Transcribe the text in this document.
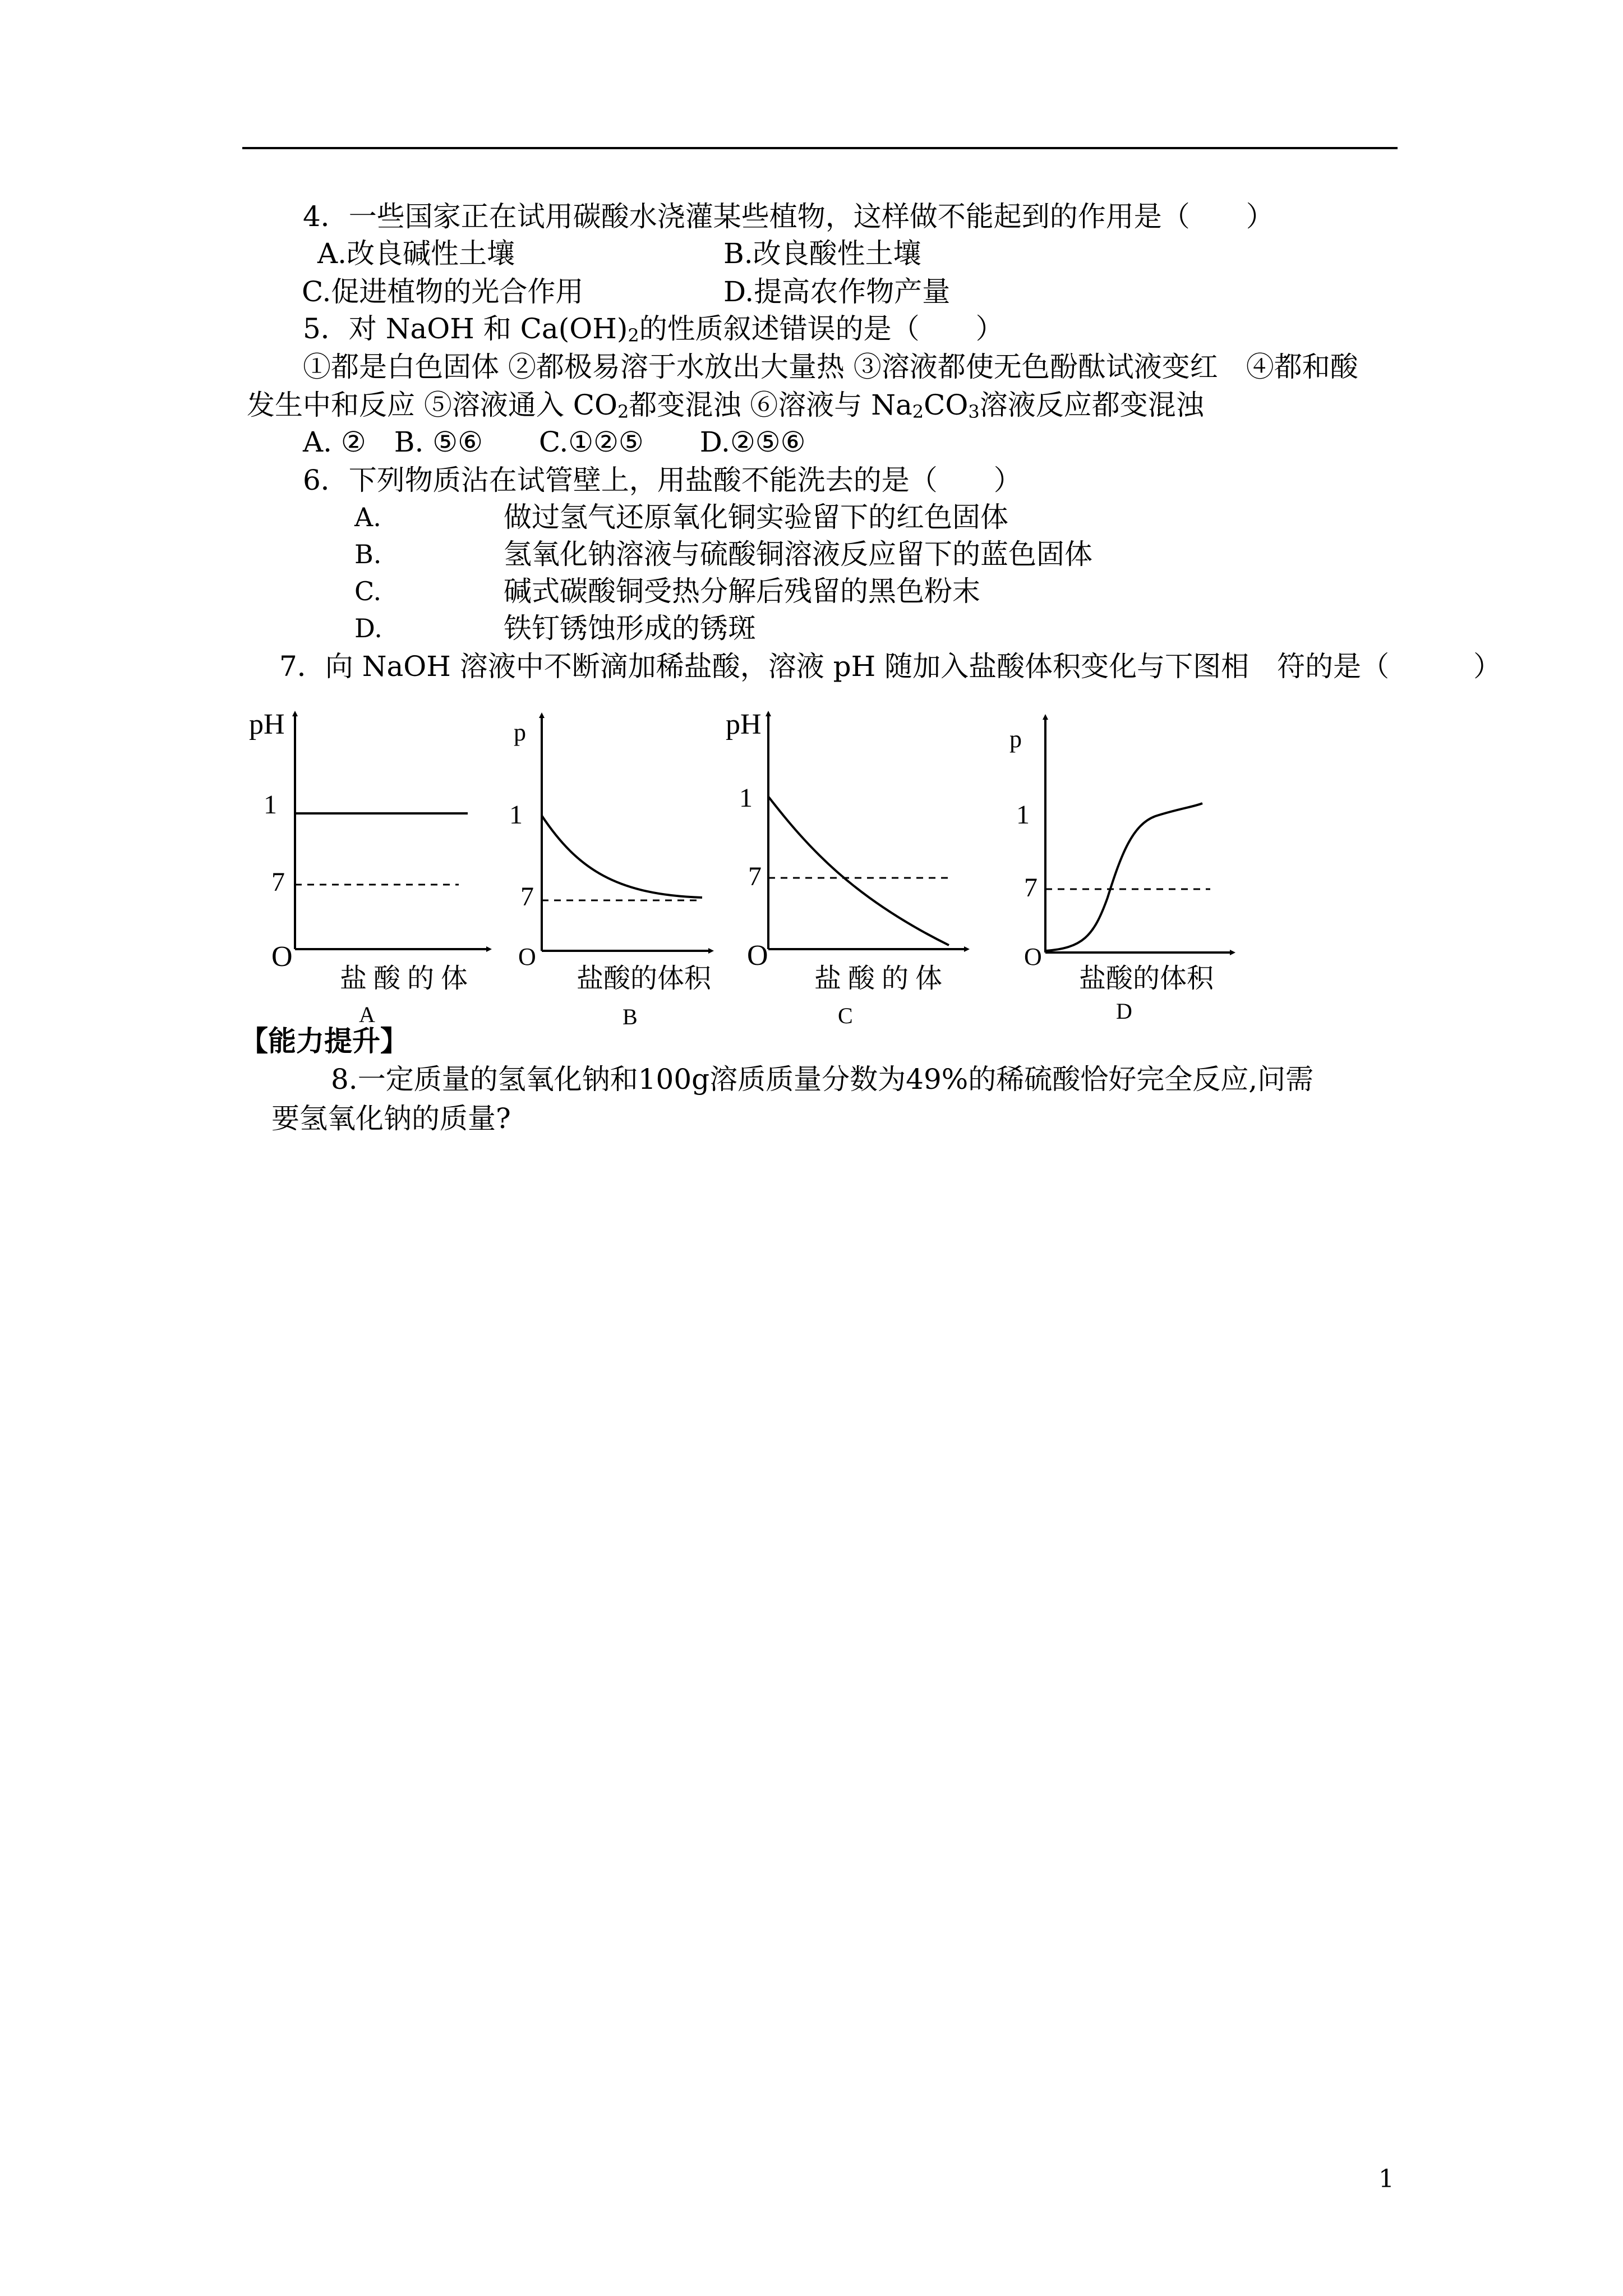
4．一些国家正在试用碳酸水浇灌某些植物，这样做不能起到的作用是（　　）
A.改良碱性土壤	B.改良酸性土壤
C.促进植物的光合作用	D.提高农作物产量
5．对 NaOH 和 $Ca(OH)_2$的性质叙述错误的是（　　）
①都是白色固体 ②都极易溶于水放出大量热 ③溶液都使无色酚酞试液变红　④都和酸
发生中和反应 ⑤溶液通入 $CO_2$都变混浊 ⑥溶液与 $Na_2CO_3$溶液反应都变混浊
A. ②　B. ⑤⑥　　C.①②⑤　　D.②⑤⑥
6．下列物质沾在试管壁上，用盐酸不能洗去的是（　　）
A.	做过氢气还原氧化铜实验留下的红色固体
B.	氢氧化钠溶液与硫酸铜溶液反应留下的蓝色固体
C.	碱式碳酸铜受热分解后残留的黑色粉末
D.	铁钉锈蚀形成的锈斑
7．向 NaOH 溶液中不断滴加稀盐酸，溶液 pH 随加入盐酸体积变化与下图相　符的是（　　　）
pH
1
7
O
盐 酸 的 体
A
p
1
7
O
盐酸的体积
B
pH
1
7
O
盐 酸 的 体
C
p
1
7
O
盐酸的体积
D
【能力提升】
8.一定质量的氢氧化钠和100g溶质质量分数为49%的稀硫酸恰好完全反应,问需
要氢氧化钠的质量?
1
